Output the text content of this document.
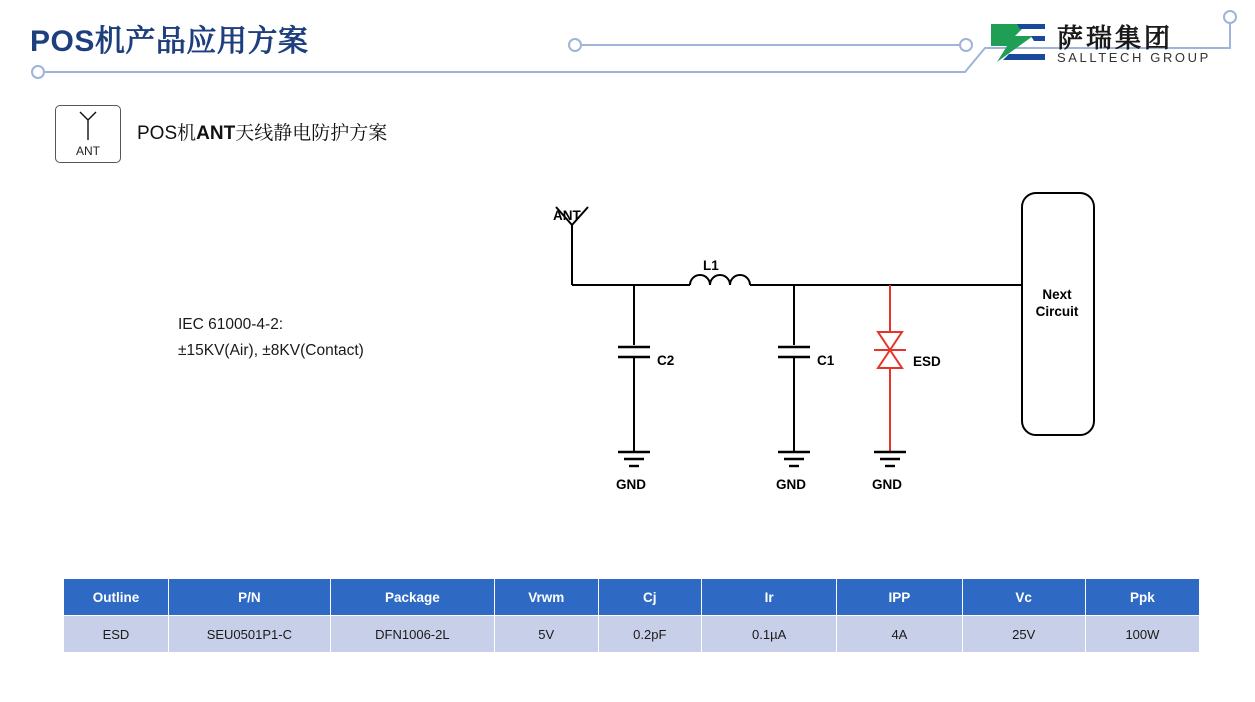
POS机产品应用方案	萨瑞集团
SALLTECH GROUP
ANT
POS机ANT天线静电防护方案
IEC 61000-4-2:
±15KV(Air), ±8KV(Contact)
ANT
L1
C2	C1	ESD
GND	GND	GND
Next
Circuit
Outline	P/N	Package	Vrwm	Cj	Ir	IPP	Vc	Ppk
ESD	SEU0501P1-C	DFN1006-2L	5V	0.2pF	0.1µA	4A	25V	100W
